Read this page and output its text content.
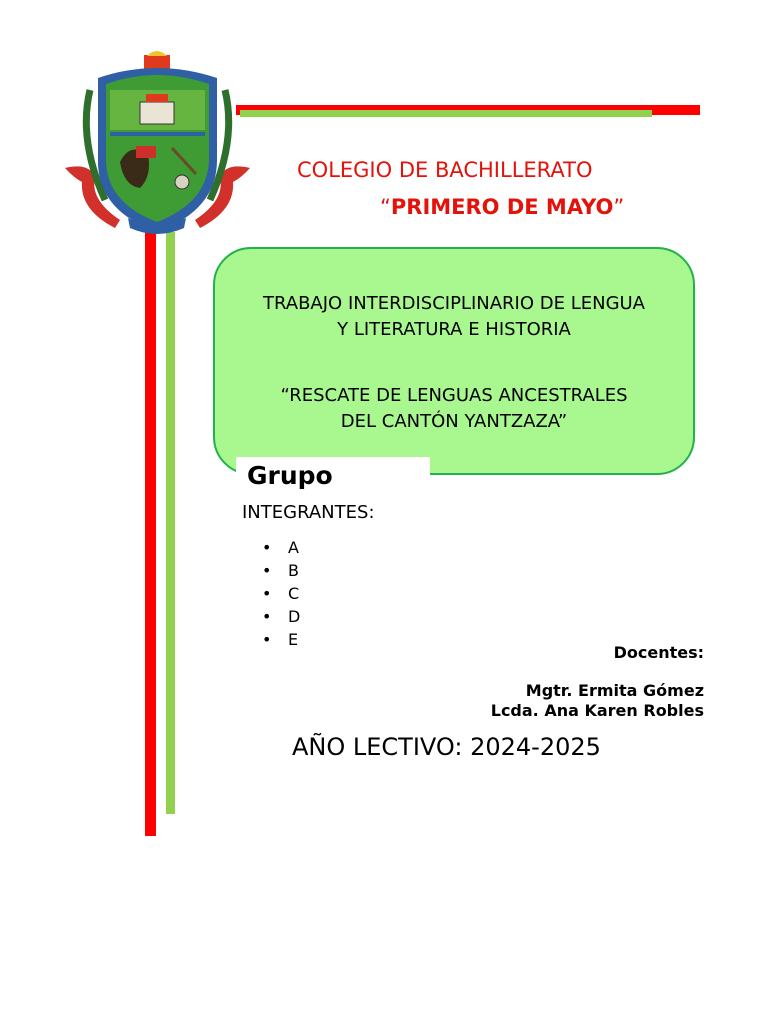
COLEGIO DE BACHILLERATO
“PRIMERO DE MAYO”
TRABAJO INTERDISCIPLINARIO DE LENGUA
Y LITERATURA E HISTORIA
“RESCATE DE LENGUAS ANCESTRALES
DEL CANTÓN YANTZAZA”
Grupo
INTEGRANTES:
• A
• B
• C
• D
• E
Docentes:
Mgtr. Ermita Gómez
Lcda. Ana Karen Robles
AÑO LECTIVO: 2024-2025
